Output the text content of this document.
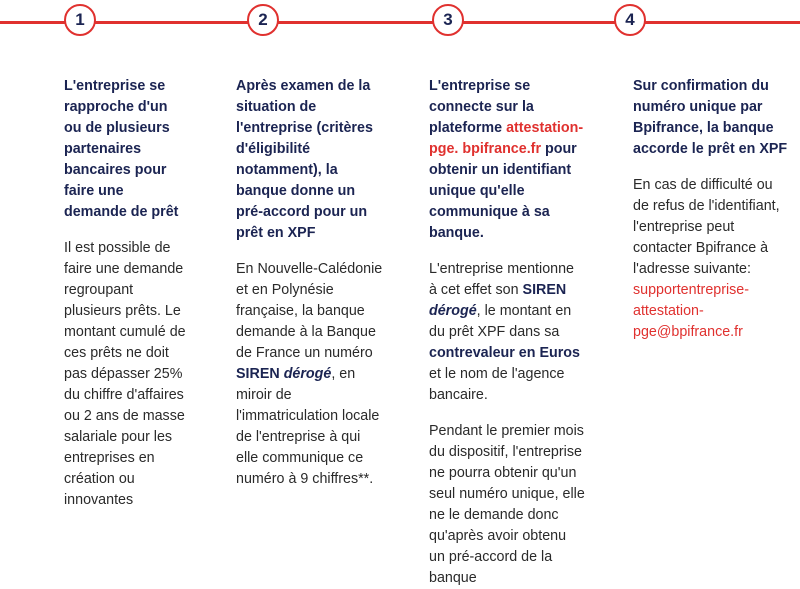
1	2	3	4

L'entreprise se
rapproche d'un
ou de plusieurs
partenaires
bancaires pour
faire une
demande de prêt

Il est possible de
faire une demande
regroupant
plusieurs prêts. Le
montant cumulé de
ces prêts ne doit
pas dépasser 25%
du chiffre d'affaires
ou 2 ans de masse
salariale pour les
entreprises en
création ou
innovantes

Après examen de la
situation de
l'entreprise (critères
d'éligibilité
notamment), la
banque donne un
pré-accord pour un
prêt en XPF

En Nouvelle-Calédonie
et en Polynésie
française, la banque
demande à la Banque
de France un numéro
SIREN dérogé, en
miroir de
l'immatriculation locale
de l'entreprise à qui
elle communique ce
numéro à 9 chiffres**.

L'entreprise se
connecte sur la
plateforme attestation-
pge. bpifrance.fr pour
obtenir un identifiant
unique qu'elle
communique à sa
banque.

L'entreprise mentionne
à cet effet son SIREN
dérogé, le montant en
du prêt XPF dans sa
contrevaleur en Euros
et le nom de l'agence
bancaire.

Pendant le premier mois
du dispositif, l'entreprise
ne pourra obtenir qu'un
seul numéro unique, elle
ne le demande donc
qu'après avoir obtenu
un pré-accord de la
banque

Sur confirmation du
numéro unique par
Bpifrance, la banque
accorde le prêt en XPF

En cas de difficulté ou
de refus de l'identifiant,
l'entreprise peut
contacter Bpifrance à
l'adresse suivante:
supportentreprise-
attestation-
pge@bpifrance.fr
